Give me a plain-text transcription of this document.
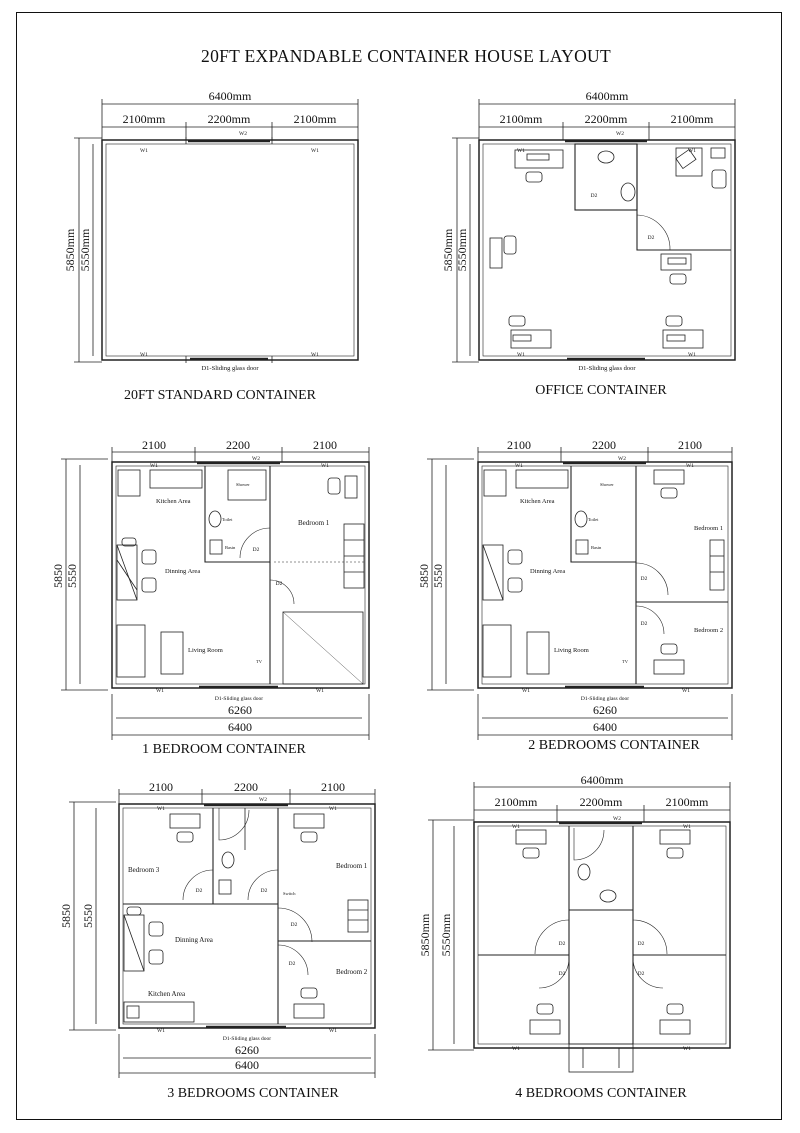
20FT EXPANDABLE CONTAINER HOUSE LAYOUT
6400mm
2100mm	2200mm	2100mm
5850mm 5550mm
W1	W1
W2
W1	W1
D1-Sliding glass door
20FT STANDARD CONTAINER
6400mm
2100mm	2200mm	2100mm
5850mm 5550mm
W1	W1
W2
W1	W1
D2
D2
D1-Sliding glass door
OFFICE CONTAINER
2100	2200	2100
5850 5550
6260
6400
W1	W1
W2
W1	W1
D1-Sliding glass door
D2
D2
Kitchen Area
Dinning Area
Living Room
Bedroom 1
Shower
Toilet
Basin
TV
1 BEDROOM CONTAINER
2100	2200	2100
5850 5550
6260
6400
W1	W1
W2
W1	W1
D1-Sliding glass door
D2
D2
Kitchen Area
Dinning Area
Living Room
Bedroom 1
Bedroom 2
Shower
Toilet
Basin
TV
2 BEDROOMS CONTAINER
2100	2200	2100
5850 5550
6260
6400
W1	W1
W2
W1	W1
D1-Sliding glass door
D2	D2
D2
D2
Switch
Bedroom 3	Bedroom 1
Bedroom 2
Dinning Area
Kitchen Area
3 BEDROOMS CONTAINER
6400mm
2100mm	2200mm	2100mm
5850mm 5550mm
W1	W1
W2
W1	W1
D2	D2
D2	D2
4 BEDROOMS CONTAINER
